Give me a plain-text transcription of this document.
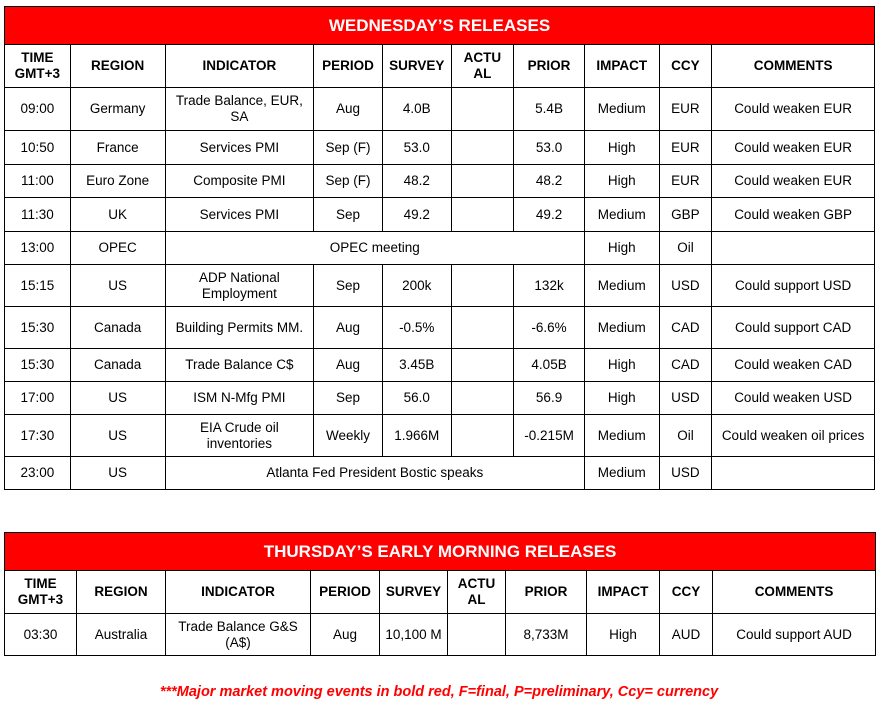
WEDNESDAY’S RELEASES									
TIME GMT+3	REGION	INDICATOR	PERIOD	SURVEY	ACTU AL	PRIOR	IMPACT	CCY	COMMENTS
09:00	Germany	Trade Balance, EUR, SA	Aug	4.0B		5.4B	Medium	EUR	Could weaken EUR
10:50	France	Services PMI	Sep (F)	53.0		53.0	High	EUR	Could weaken EUR
11:00	Euro Zone	Composite PMI	Sep (F)	48.2		48.2	High	EUR	Could weaken EUR
11:30	UK	Services PMI	Sep	49.2		49.2	Medium	GBP	Could weaken GBP
13:00	OPEC	OPEC meeting					High	Oil	
15:15	US	ADP National Employment	Sep	200k		132k	Medium	USD	Could support USD
15:30	Canada	Building Permits MM.	Aug	-0.5%		-6.6%	Medium	CAD	Could support CAD
15:30	Canada	Trade Balance C$	Aug	3.45B		4.05B	High	CAD	Could weaken CAD
17:00	US	ISM N-Mfg PMI	Sep	56.0		56.9	High	USD	Could weaken USD
17:30	US	EIA Crude oil inventories	Weekly	1.966M		-0.215M	Medium	Oil	Could weaken oil prices
23:00	US	Atlanta Fed President Bostic speaks					Medium	USD	
THURSDAY’S EARLY MORNING RELEASES									
TIME GMT+3	REGION	INDICATOR	PERIOD	SURVEY	ACTU AL	PRIOR	IMPACT	CCY	COMMENTS
03:30	Australia	Trade Balance G&S (A$)	Aug	10,100 M		8,733M	High	AUD	Could support AUD
***Major market moving events in bold red, F=final, P=preliminary, Ccy= currency
